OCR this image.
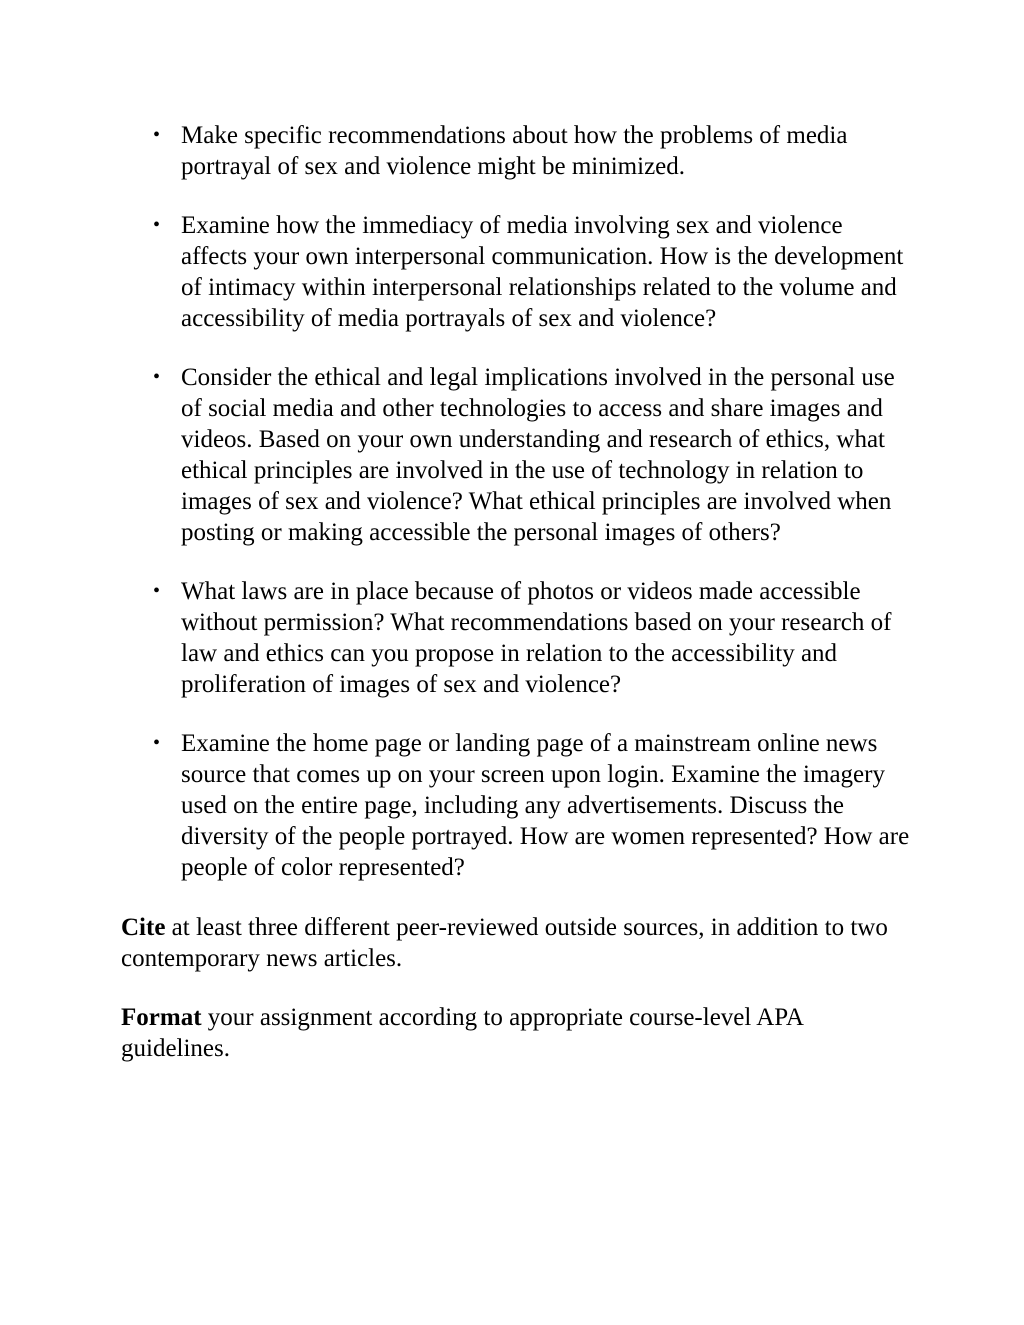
• Make specific recommendations about how the problems of media portrayal of sex and violence might be minimized.
• Examine how the immediacy of media involving sex and violence affects your own interpersonal communication. How is the development of intimacy within interpersonal relationships related to the volume and accessibility of media portrayals of sex and violence?
• Consider the ethical and legal implications involved in the personal use of social media and other technologies to access and share images and videos. Based on your own understanding and research of ethics, what ethical principles are involved in the use of technology in relation to images of sex and violence? What ethical principles are involved when posting or making accessible the personal images of others?
• What laws are in place because of photos or videos made accessible without permission? What recommendations based on your research of law and ethics can you propose in relation to the accessibility and proliferation of images of sex and violence?
• Examine the home page or landing page of a mainstream online news source that comes up on your screen upon login. Examine the imagery used on the entire page, including any advertisements. Discuss the diversity of the people portrayed. How are women represented? How are people of color represented?

Cite at least three different peer-reviewed outside sources, in addition to two contemporary news articles.

Format your assignment according to appropriate course-level APA guidelines.
